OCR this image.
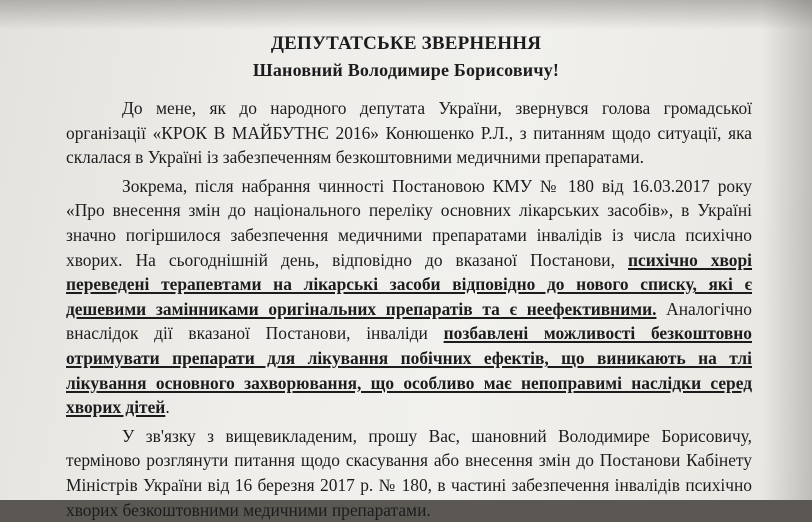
ДЕПУТАТСЬКЕ ЗВЕРНЕННЯ
Шановний Володимире Борисовичу!

До мене, як до народного депутата України, звернувся голова громадської організації «КРОК В МАЙБУТНЄ 2016» Конюшенко Р.Л., з питанням щодо ситуації, яка склалася в Україні із забезпеченням безкоштовними медичними препаратами.

Зокрема, після набрання чинності Постановою КМУ № 180 від 16.03.2017 року «Про внесення змін до національного переліку основних лікарських засобів», в Україні значно погіршилося забезпечення медичними препаратами інвалідів із числа психічно хворих. На сьогоднішній день, відповідно до вказаної Постанови, психічно хворі переведені терапевтами на лікарські засоби відповідно до нового списку, які є дешевими замінниками оригінальних препаратів та є неефективними. Аналогічно внаслідок дії вказаної Постанови, інваліди позбавлені можливості безкоштовно отримувати препарати для лікування побічних ефектів, що виникають на тлі лікування основного захворювання, що особливо має непоправимі наслідки серед хворих дітей.

У зв'язку з вищевикладеним, прошу Вас, шановний Володимире Борисовичу, терміново розглянути питання щодо скасування або внесення змін до Постанови Кабінету Міністрів України від 16 березня 2017 р. № 180, в частині забезпечення інвалідів психічно хворих безкоштовними медичними препаратами.
